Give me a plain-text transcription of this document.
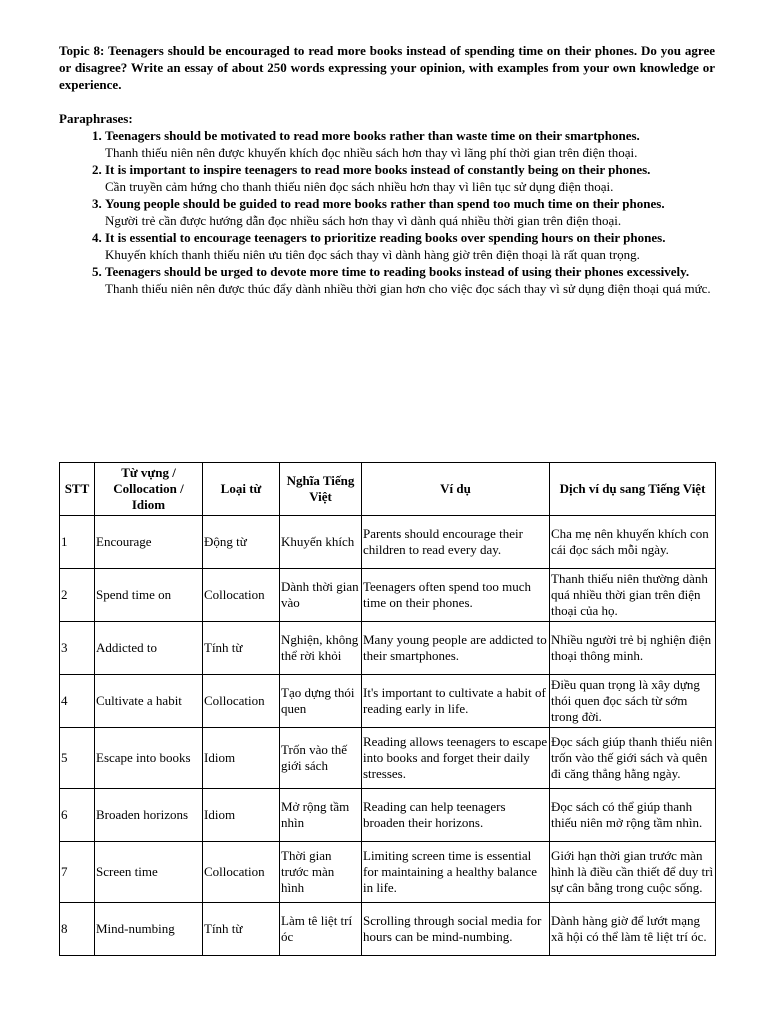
Topic 8: Teenagers should be encouraged to read more books instead of spending time on their phones. Do you agree or disagree? Write an essay of about 250 words expressing your opinion, with examples from your own knowledge or experience.

Paraphrases:

1. Teenagers should be motivated to read more books rather than waste time on their smartphones.
Thanh thiếu niên nên được khuyến khích đọc nhiều sách hơn thay vì lãng phí thời gian trên điện thoại.
2. It is important to inspire teenagers to read more books instead of constantly being on their phones.
Cần truyền cảm hứng cho thanh thiếu niên đọc sách nhiều hơn thay vì liên tục sử dụng điện thoại.
3. Young people should be guided to read more books rather than spend too much time on their phones.
Người trẻ cần được hướng dẫn đọc nhiều sách hơn thay vì dành quá nhiều thời gian trên điện thoại.
4. It is essential to encourage teenagers to prioritize reading books over spending hours on their phones.
Khuyến khích thanh thiếu niên ưu tiên đọc sách thay vì dành hàng giờ trên điện thoại là rất quan trọng.
5. Teenagers should be urged to devote more time to reading books instead of using their phones excessively.
Thanh thiếu niên nên được thúc đẩy dành nhiều thời gian hơn cho việc đọc sách thay vì sử dụng điện thoại quá mức.
STT	Từ vựng / Collocation / Idiom	Loại từ	Nghĩa Tiếng Việt	Ví dụ	Dịch ví dụ sang Tiếng Việt
1	Encourage	Động từ	Khuyến khích	Parents should encourage their children to read every day.	Cha mẹ nên khuyến khích con cái đọc sách mỗi ngày.
2	Spend time on	Collocation	Dành thời gian vào	Teenagers often spend too much time on their phones.	Thanh thiếu niên thường dành quá nhiều thời gian trên điện thoại của họ.
3	Addicted to	Tính từ	Nghiện, không thể rời khỏi	Many young people are addicted to their smartphones.	Nhiều người trẻ bị nghiện điện thoại thông minh.
4	Cultivate a habit	Collocation	Tạo dựng thói quen	It's important to cultivate a habit of reading early in life.	Điều quan trọng là xây dựng thói quen đọc sách từ sớm trong đời.
5	Escape into books	Idiom	Trốn vào thế giới sách	Reading allows teenagers to escape into books and forget their daily stresses.	Đọc sách giúp thanh thiếu niên trốn vào thế giới sách và quên đi căng thẳng hằng ngày.
6	Broaden horizons	Idiom	Mở rộng tầm nhìn	Reading can help teenagers broaden their horizons.	Đọc sách có thể giúp thanh thiếu niên mở rộng tầm nhìn.
7	Screen time	Collocation	Thời gian trước màn hình	Limiting screen time is essential for maintaining a healthy balance in life.	Giới hạn thời gian trước màn hình là điều cần thiết để duy trì sự cân bằng trong cuộc sống.
8	Mind-numbing	Tính từ	Làm tê liệt trí óc	Scrolling through social media for hours can be mind-numbing.	Dành hàng giờ để lướt mạng xã hội có thể làm tê liệt trí óc.
